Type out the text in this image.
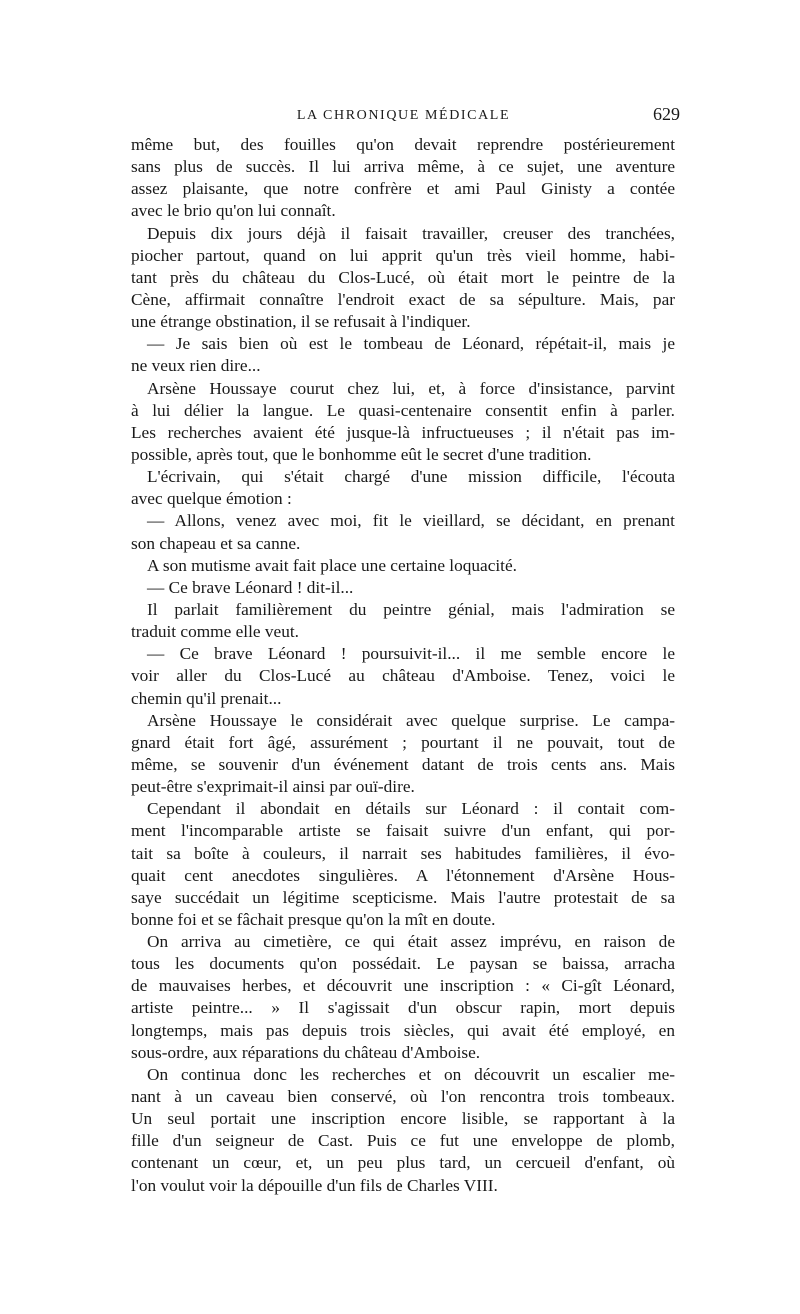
LA CHRONIQUE MÉDICALE	629
même but, des fouilles qu'on devait reprendre postérieurement
sans plus de succès. Il lui arriva même, à ce sujet, une aventure
assez plaisante, que notre confrère et ami Paul Ginisty a contée
avec le brio qu'on lui connaît.
Depuis dix jours déjà il faisait travailler, creuser des tranchées,
piocher partout, quand on lui apprit qu'un très vieil homme, habi-
tant près du château du Clos-Lucé, où était mort le peintre de la
Cène, affirmait connaître l'endroit exact de sa sépulture. Mais, par
une étrange obstination, il se refusait à l'indiquer.
— Je sais bien où est le tombeau de Léonard, répétait-il, mais je
ne veux rien dire...
Arsène Houssaye courut chez lui, et, à force d'insistance, parvint
à lui délier la langue. Le quasi-centenaire consentit enfin à parler.
Les recherches avaient été jusque-là infructueuses ; il n'était pas im-
possible, après tout, que le bonhomme eût le secret d'une tradition.
L'écrivain, qui s'était chargé d'une mission difficile, l'écouta
avec quelque émotion :
— Allons, venez avec moi, fit le vieillard, se décidant, en prenant
son chapeau et sa canne.
A son mutisme avait fait place une certaine loquacité.
— Ce brave Léonard ! dit-il...
Il parlait familièrement du peintre génial, mais l'admiration se
traduit comme elle veut.
— Ce brave Léonard ! poursuivit-il... il me semble encore le
voir aller du Clos-Lucé au château d'Amboise. Tenez, voici le
chemin qu'il prenait...
Arsène Houssaye le considérait avec quelque surprise. Le campa-
gnard était fort âgé, assurément ; pourtant il ne pouvait, tout de
même, se souvenir d'un événement datant de trois cents ans. Mais
peut-être s'exprimait-il ainsi par ouï-dire.
Cependant il abondait en détails sur Léonard : il contait com-
ment l'incomparable artiste se faisait suivre d'un enfant, qui por-
tait sa boîte à couleurs, il narrait ses habitudes familières, il évo-
quait cent anecdotes singulières. A l'étonnement d'Arsène Hous-
saye succédait un légitime scepticisme. Mais l'autre protestait de sa
bonne foi et se fâchait presque qu'on la mît en doute.
On arriva au cimetière, ce qui était assez imprévu, en raison de
tous les documents qu'on possédait. Le paysan se baissa, arracha
de mauvaises herbes, et découvrit une inscription : « Ci-gît Léonard,
artiste peintre... » Il s'agissait d'un obscur rapin, mort depuis
longtemps, mais pas depuis trois siècles, qui avait été employé, en
sous-ordre, aux réparations du château d'Amboise.
On continua donc les recherches et on découvrit un escalier me-
nant à un caveau bien conservé, où l'on rencontra trois tombeaux.
Un seul portait une inscription encore lisible, se rapportant à la
fille d'un seigneur de Cast. Puis ce fut une enveloppe de plomb,
contenant un cœur, et, un peu plus tard, un cercueil d'enfant, où
l'on voulut voir la dépouille d'un fils de Charles VIII.
